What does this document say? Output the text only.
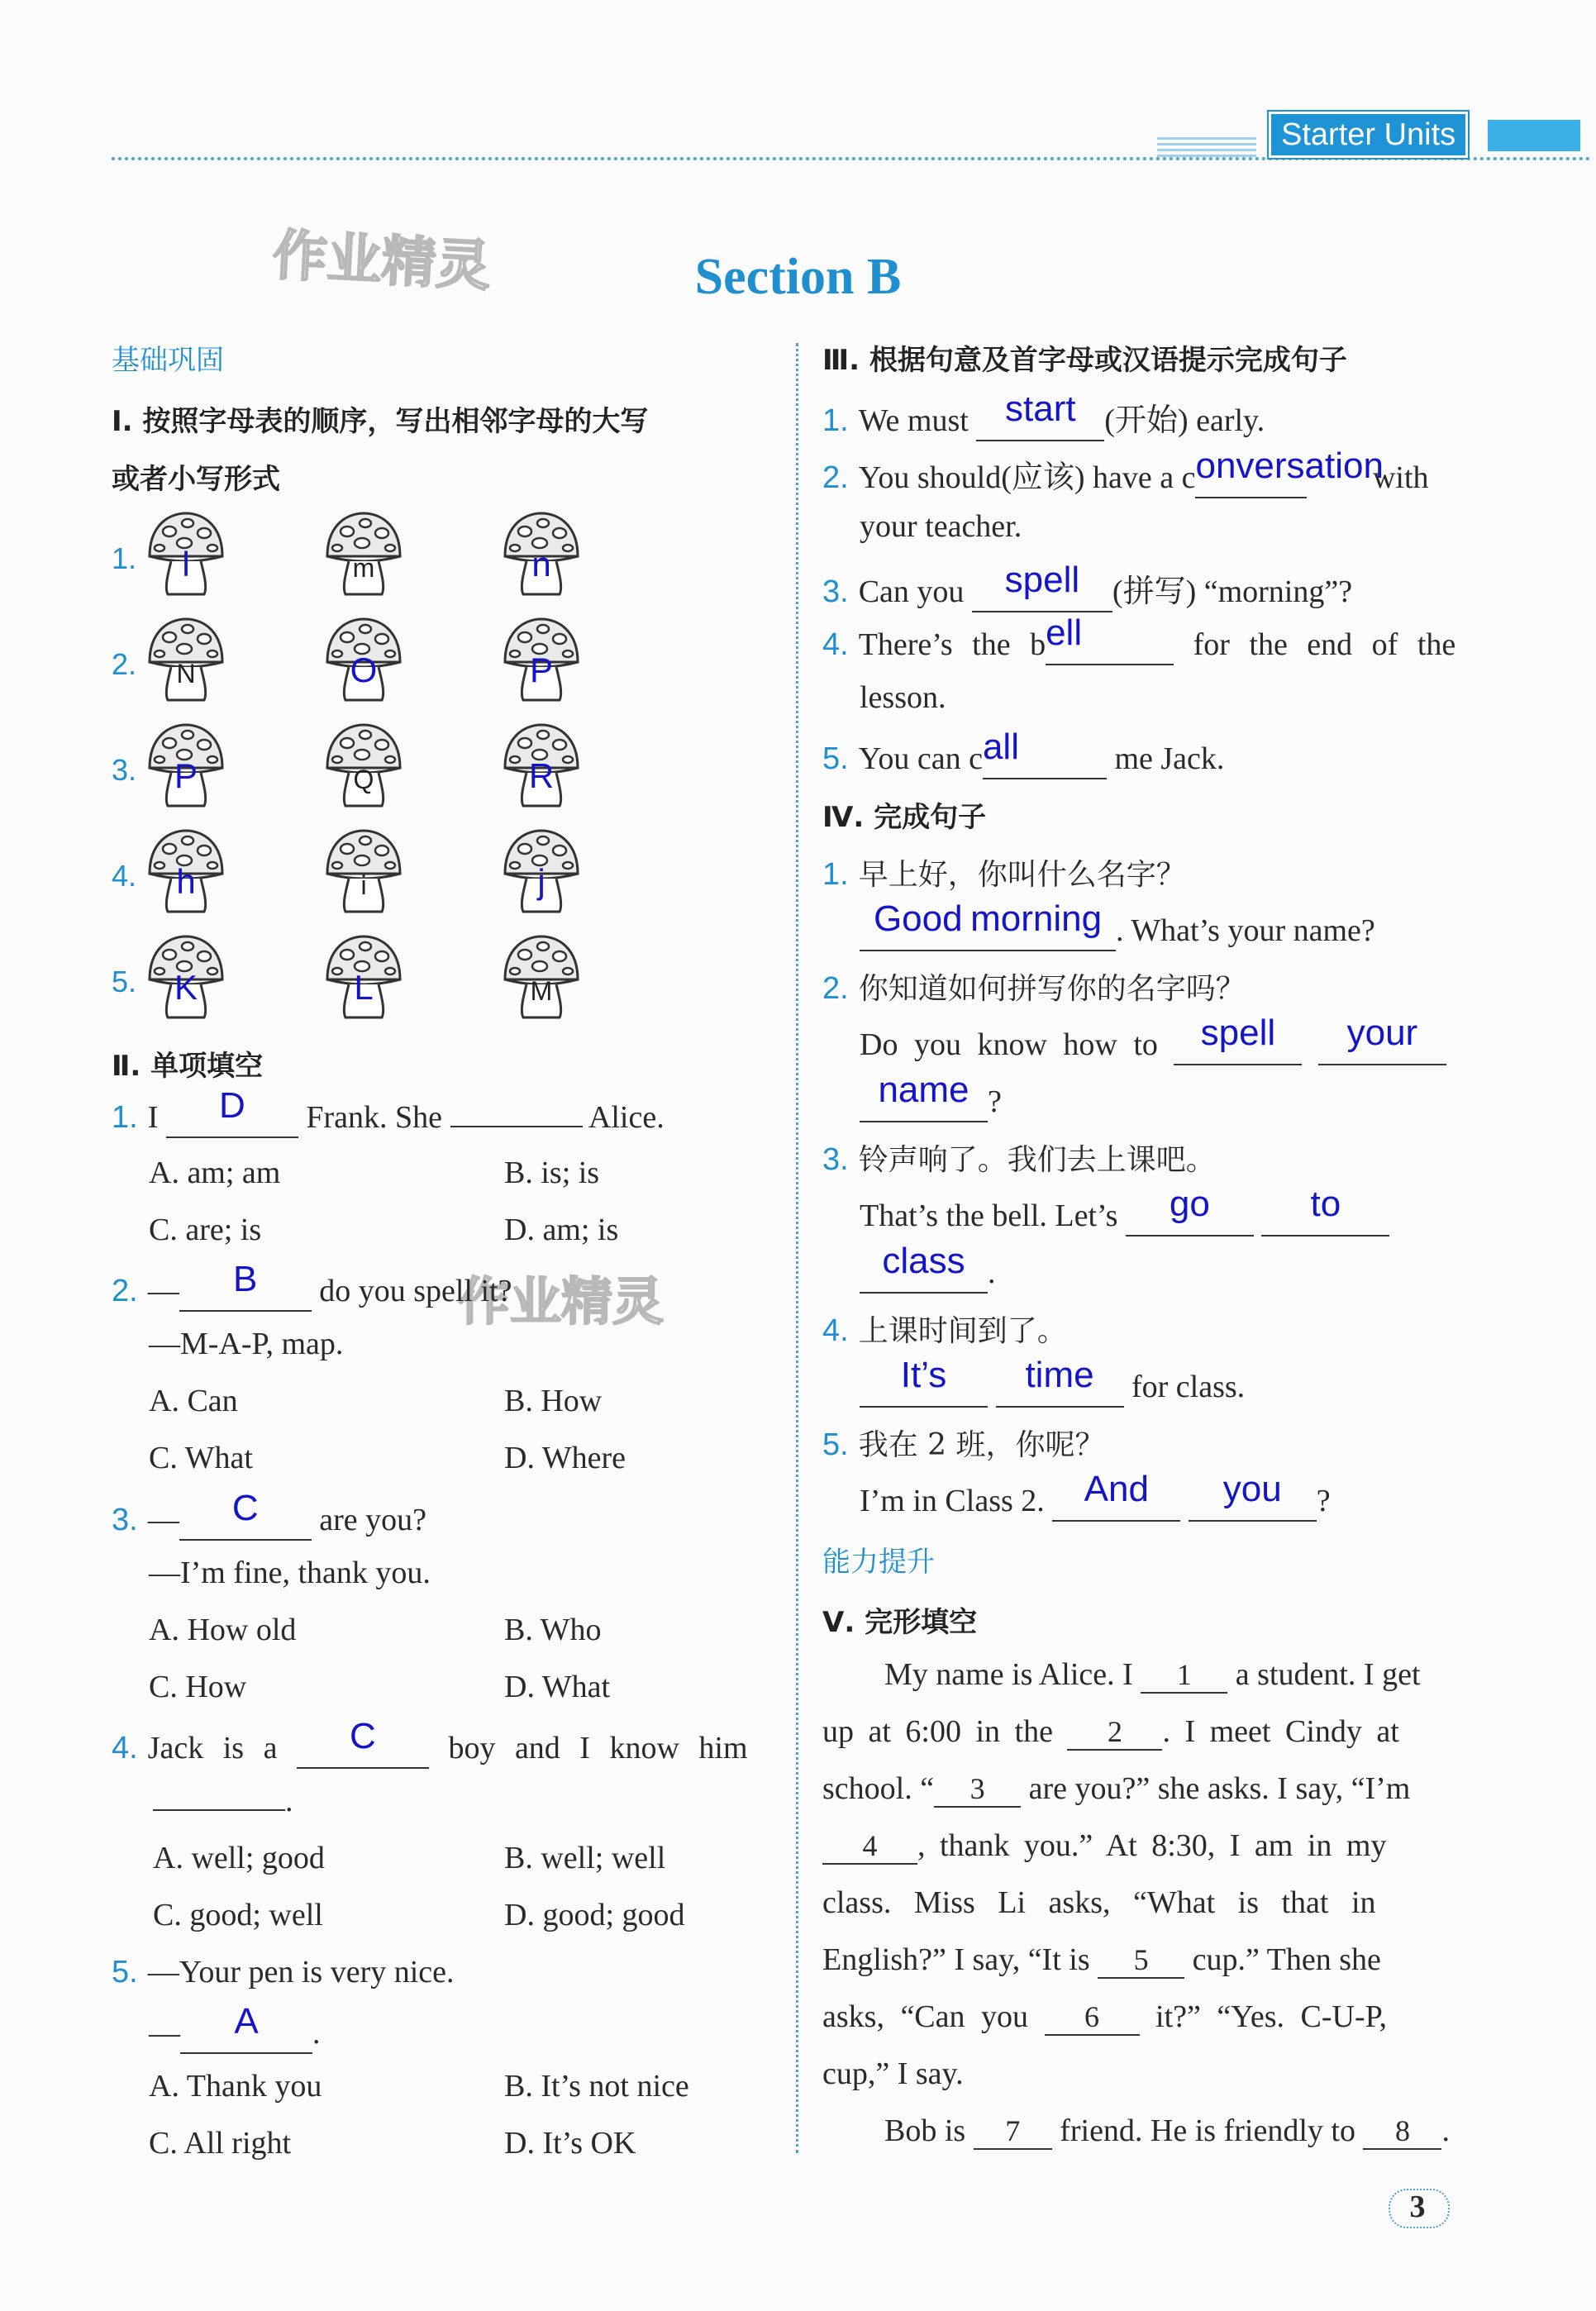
Starter Units
作业精灵
作业精灵
Section B
基础巩固
Ⅰ. 按照字母表的顺序，写出相邻字母的大写
或者小写形式
1.	l	m	n
2.	N	O	P
3.	P	Q	R
4.	h	i	j
5.	K	L	M
Ⅱ. 单项填空
1. I D Frank. She	Alice.
A. am; am	B. is; is
C. are; is	D. am; is
2. — B do you spell it?
—M-A-P, map.
A. Can	B. How
C. What	D. Where
3. — C are you?
—I’m fine, thank you.
A. How old	B. Who
C. How	D. What
4. Jack is a C boy and I know him
.
A. well; good	B. well; well
C. good; well	D. good; good
5. —Your pen is very nice.
— A .
A. Thank you	B. It’s not nice
C. All right	D. It’s OK
Ⅲ. 根据句意及首字母或汉语提示完成句子
1. We must start (开始) early.
2. You should(应该) have a conversation with
your teacher.
3. Can you spell (拼写) “morning”?
4. There’s the bell	for the end of the
lesson.
5. You can call	me Jack.
Ⅳ. 完成句子
1. 早上好，你叫什么名字？
Good morning . What’s your name?
2. 你知道如何拼写你的名字吗？
Do you know how to spell your
name ?
3. 铃声响了。我们去上课吧。
That’s the bell. Let’s go	to
class .
4. 上课时间到了。
It’s time for class.
5. 我在 2 班，你呢？
I’m in Class 2. And you ?
能力提升
Ⅴ. 完形填空
My name is Alice. I 1 a student. I get
up at 6:00 in the 2 . I meet Cindy at
school. “ 3 are you?” she asks. I say, “I’m
4 , thank you.” At 8:30, I am in my
class. Miss Li asks, “What is that in
English?” I say, “It is 5 cup.” Then she
asks, “Can you 6 it?” “Yes. C-U-P,
cup,” I say.
Bob is 7 friend. He is friendly to 8 .
3
